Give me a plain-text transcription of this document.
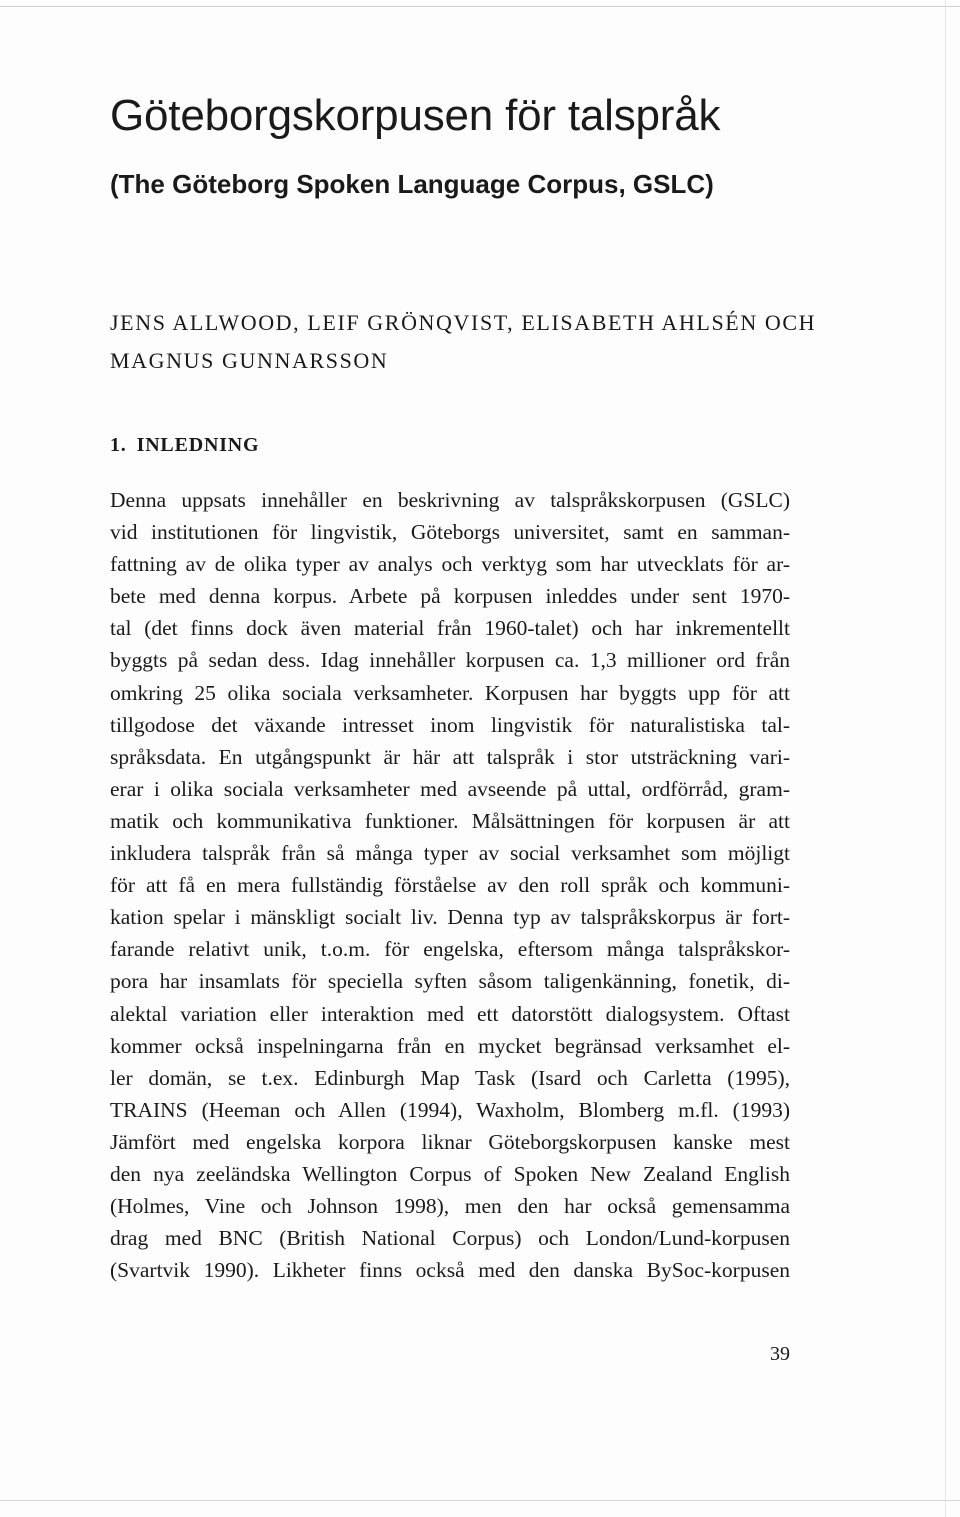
Göteborgskorpusen för talspråk
(The Göteborg Spoken Language Corpus, GSLC)

JENS ALLWOOD, LEIF GRÖNQVIST, ELISABETH AHLSÉN OCH MAGNUS GUNNARSSON

1. INLEDNING
Denna uppsats innehåller en beskrivning av talspråkskorpusen (GSLC)
vid institutionen för lingvistik, Göteborgs universitet, samt en samman-
fattning av de olika typer av analys och verktyg som har utvecklats för ar-
bete med denna korpus. Arbete på korpusen inleddes under sent 1970-
tal (det finns dock även material från 1960-talet) och har inkrementellt
byggts på sedan dess. Idag innehåller korpusen ca. 1,3 millioner ord från
omkring 25 olika sociala verksamheter. Korpusen har byggts upp för att
tillgodose det växande intresset inom lingvistik för naturalistiska tal-
språksdata. En utgångspunkt är här att talspråk i stor utsträckning vari-
erar i olika sociala verksamheter med avseende på uttal, ordförråd, gram-
matik och kommunikativa funktioner. Målsättningen för korpusen är att
inkludera talspråk från så många typer av social verksamhet som möjligt
för att få en mera fullständig förståelse av den roll språk och kommuni-
kation spelar i mänskligt socialt liv. Denna typ av talspråkskorpus är fort-
farande relativt unik, t.o.m. för engelska, eftersom många talspråkskor-
pora har insamlats för speciella syften såsom taligenkänning, fonetik, di-
alektal variation eller interaktion med ett datorstött dialogsystem. Oftast
kommer också inspelningarna från en mycket begränsad verksamhet el-
ler domän, se t.ex. Edinburgh Map Task (Isard och Carletta (1995),
TRAINS (Heeman och Allen (1994), Waxholm, Blomberg m.fl. (1993)
Jämfört med engelska korpora liknar Göteborgskorpusen kanske mest
den nya zeeländska Wellington Corpus of Spoken New Zealand English
(Holmes, Vine och Johnson 1998), men den har också gemensamma
drag med BNC (British National Corpus) och London/Lund-korpusen
(Svartvik 1990). Likheter finns också med den danska BySoc-korpusen
39
